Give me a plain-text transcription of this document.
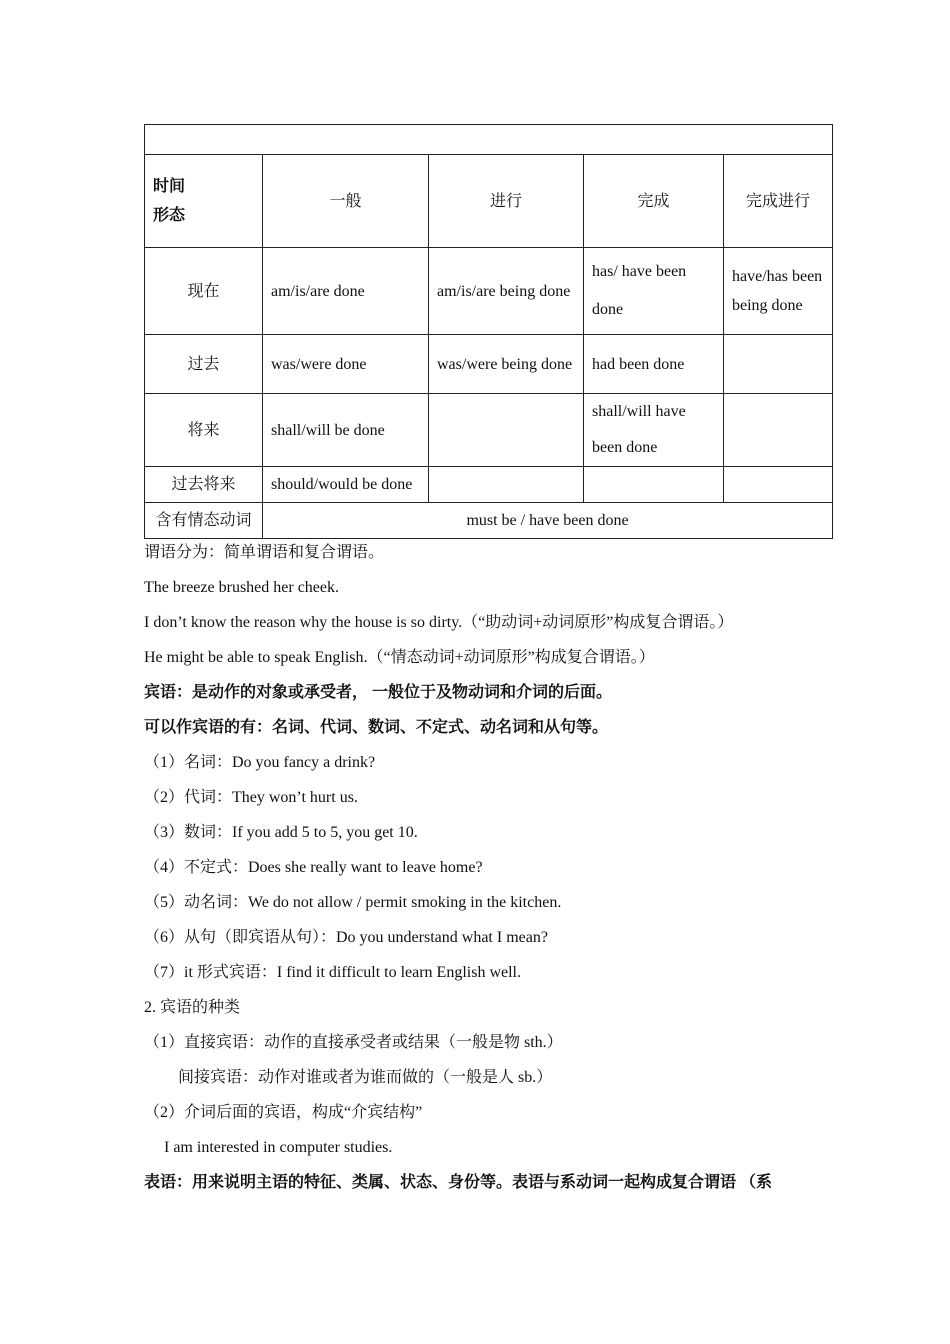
时间
形态	一般	进行	完成	完成进行
现在	am/is/are done	am/is/are being done	has/ have been done	have/has been being done
过去	was/were done	was/were being done	had been done	
将来	shall/will be done		shall/will have been done	
过去将来	should/would be done			
含有情态动词	must be / have been done			
谓语分为：简单谓语和复合谓语。
The breeze brushed her cheek.
I don’t know the reason why the house is so dirty.（“助动词+动词原形”构成复合谓语。）
He might be able to speak English.（“情态动词+动词原形”构成复合谓语。）
宾语：是动作的对象或承受者， 一般位于及物动词和介词的后面。
可以作宾语的有：名词、代词、数词、不定式、动名词和从句等。
（1）名词：Do you fancy a drink?
（2）代词：They won’t hurt us.
（3）数词：If you add 5 to 5, you get 10.
（4）不定式：Does she really want to leave home?
（5）动名词：We do not allow / permit smoking in the kitchen.
（6）从句（即宾语从句）：Do you understand what I mean?
（7）it 形式宾语：I find it difficult to learn English well.
2. 宾语的种类
（1）直接宾语：动作的直接承受者或结果（一般是物 sth.）
间接宾语：动作对谁或者为谁而做的（一般是人 sb.）
（2）介词后面的宾语，构成“介宾结构”
I am interested in computer studies.
表语：用来说明主语的特征、类属、状态、身份等。表语与系动词一起构成复合谓语 （系
